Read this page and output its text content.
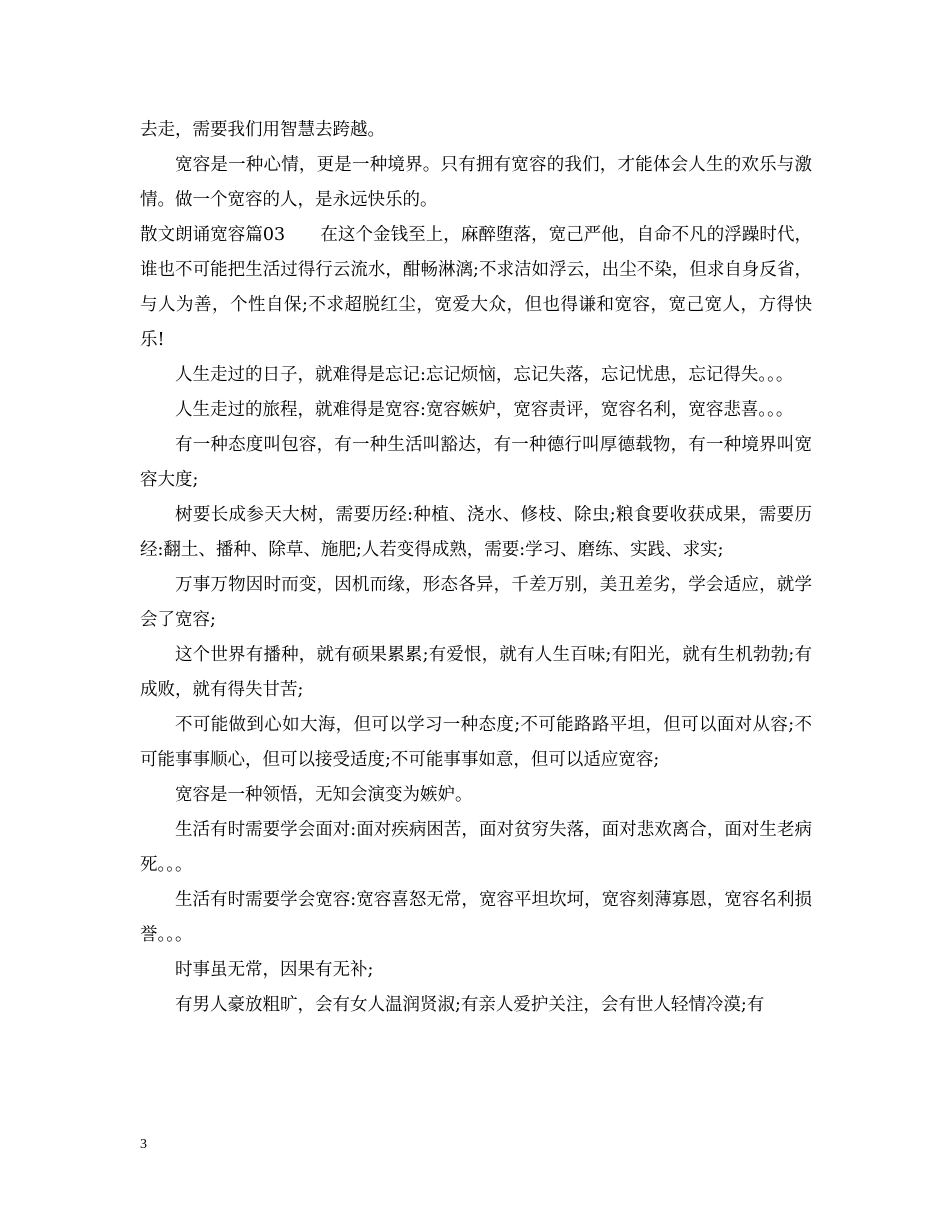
去走，需要我们用智慧去跨越。

宽容是一种心情，更是一种境界。只有拥有宽容的我们，才能体会人生的欢乐与激情。做一个宽容的人，是永远快乐的。

散文朗诵宽容篇03　　在这个金钱至上，麻醉堕落，宽己严他，自命不凡的浮躁时代，谁也不可能把生活过得行云流水，酣畅淋漓;不求洁如浮云，出尘不染，但求自身反省，与人为善，个性自保;不求超脱红尘，宽爱大众，但也得谦和宽容，宽己宽人，方得快乐!

人生走过的日子，就难得是忘记:忘记烦恼，忘记失落，忘记忧患，忘记得失。。。

人生走过的旅程，就难得是宽容:宽容嫉妒，宽容责评，宽容名利，宽容悲喜。。。

有一种态度叫包容，有一种生活叫豁达，有一种德行叫厚德载物，有一种境界叫宽容大度;

树要长成参天大树，需要历经:种植、浇水、修枝、除虫;粮食要收获成果，需要历经:翻土、播种、除草、施肥;人若变得成熟，需要:学习、磨练、实践、求实;

万事万物因时而变，因机而缘，形态各异，千差万别，美丑差劣，学会适应，就学会了宽容;

这个世界有播种，就有硕果累累;有爱恨，就有人生百味;有阳光，就有生机勃勃;有成败，就有得失甘苦;

不可能做到心如大海，但可以学习一种态度;不可能路路平坦，但可以面对从容;不可能事事顺心，但可以接受适度;不可能事事如意，但可以适应宽容;

宽容是一种领悟，无知会演变为嫉妒。

生活有时需要学会面对:面对疾病困苦，面对贫穷失落，面对悲欢离合，面对生老病死。。。

生活有时需要学会宽容:宽容喜怒无常，宽容平坦坎坷，宽容刻薄寡恩，宽容名利损誉。。。

时事虽无常，因果有无补;

有男人豪放粗旷，会有女人温润贤淑;有亲人爱护关注，会有世人轻情冷漠;有

3
